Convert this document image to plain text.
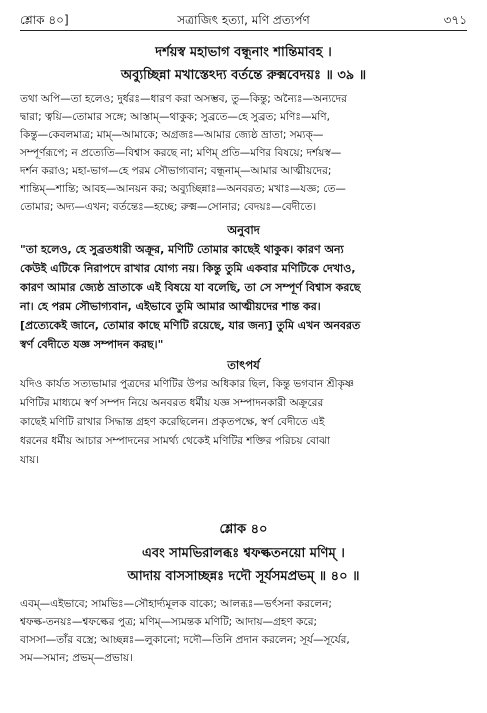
শ্লোক ৪০]	সত্রাজিৎ হত্যা, মণি প্রত্যর্পণ	৩৭১
দর্শয়স্ব মহাভাগ বন্ধূনাং শান্তিমাবহ ।
অব্যুচ্ছিন্না মখাস্তেঽদ্য বর্তন্তে রুক্মবেদয়ঃ ॥ ৩৯ ॥
তথা অপি—তা হলেও; দুর্ধরঃ—ধারণ করা অসম্ভব, তু—কিন্তু; অন্যৈঃ—অন্যদের
দ্বারা; ত্বয়ি—তোমার সঙ্গে; আস্তাম্—থাকুক; সুব্রতে—হে সুব্রত; মণিঃ—মণি,
কিন্তু—কেবলমাত্র; মাম্—আমাকে; অগ্রজঃ—আমার জ্যেষ্ঠ ভ্রাতা; সম্যক্—
সম্পূর্ণরূপে; ন প্রত্যেতি—বিশ্বাস করছে না; মণিম্ প্রতি—মণির বিষয়ে; দর্শয়স্ব—
দর্শন করাও; মহা-ভাগ—হে পরম সৌভাগ্যবান; বন্ধূনাম্—আমার আত্মীয়দের;
শান্তিম্—শান্তি; আবহ—আনয়ন কর; অব্যুচ্ছিন্নাঃ—অনবরত; মখাঃ—যজ্ঞ; তে—
তোমার; অদ্য—এখন; বর্তন্তেঃ—হচ্ছে; রুক্ম—সোনার; বেদয়ঃ—বেদীতে।
অনুবাদ
"তা হলেও, হে সুব্রতধারী অক্রূর, মণিটি তোমার কাছেই থাকুক। কারণ অন্য
কেউই এটিকে নিরাপদে রাখার যোগ্য নয়। কিন্তু তুমি একবার মণিটিকে দেখাও,
কারণ আমার জ্যেষ্ঠ ভ্রাতাকে এই বিষয়ে যা বলেছি, তা সে সম্পূর্ণ বিশ্বাস করছে
না। হে পরম সৌভাগ্যবান, এইভাবে তুমি আমার আত্মীয়দের শান্ত কর।
[প্রত্যেকেই জানে, তোমার কাছে মণিটি রয়েছে, যার জন্য] তুমি এখন অনবরত
স্বর্ণ বেদীতে যজ্ঞ সম্পাদন করছ।"
তাৎপর্য
যদিও কার্যত সত্যভামার পুত্রদের মণিটির উপর অধিকার ছিল, কিন্তু ভগবান শ্রীকৃষ্ণ
মণিটির মাধ্যমে স্বর্ণ সম্পদ নিয়ে অনবরত ধর্মীয় যজ্ঞ সম্পাদনকারী অক্রূরের
কাছেই মণিটি রাখার সিদ্ধান্ত গ্রহণ করেছিলেন। প্রকৃতপক্ষে, স্বর্ণ বেদীতে এই
ধরনের ধর্মীয় আচার সম্পাদনের সামর্থ্য থেকেই মণিটির শক্তির পরিচয় বোঝা
যায়।
শ্লোক ৪০
এবং সামভিরালব্ধঃ শ্বফল্কতনয়ো মণিম্ ।
আদায় বাসসাচ্ছন্নঃ দদৌ সূর্যসমপ্রভম্ ॥ ৪০ ॥
এবম্—এইভাবে; সামভিঃ—সৌহার্দ্যমূলক বাক্যে; আলব্ধঃ—ভর্ৎসনা করলেন;
শ্বফল্ক-তনয়ঃ—শ্বফল্কের পুত্র; মণিম্—স্যমন্তক মণিটি; আদায়—গ্রহণ করে;
বাসসা—তাঁর বস্ত্রে; আচ্ছন্নঃ—লুকানো; দদৌ—তিনি প্রদান করলেন; সূর্য—সূর্যের,
সম—সমান; প্রভম্—প্রভায়।
